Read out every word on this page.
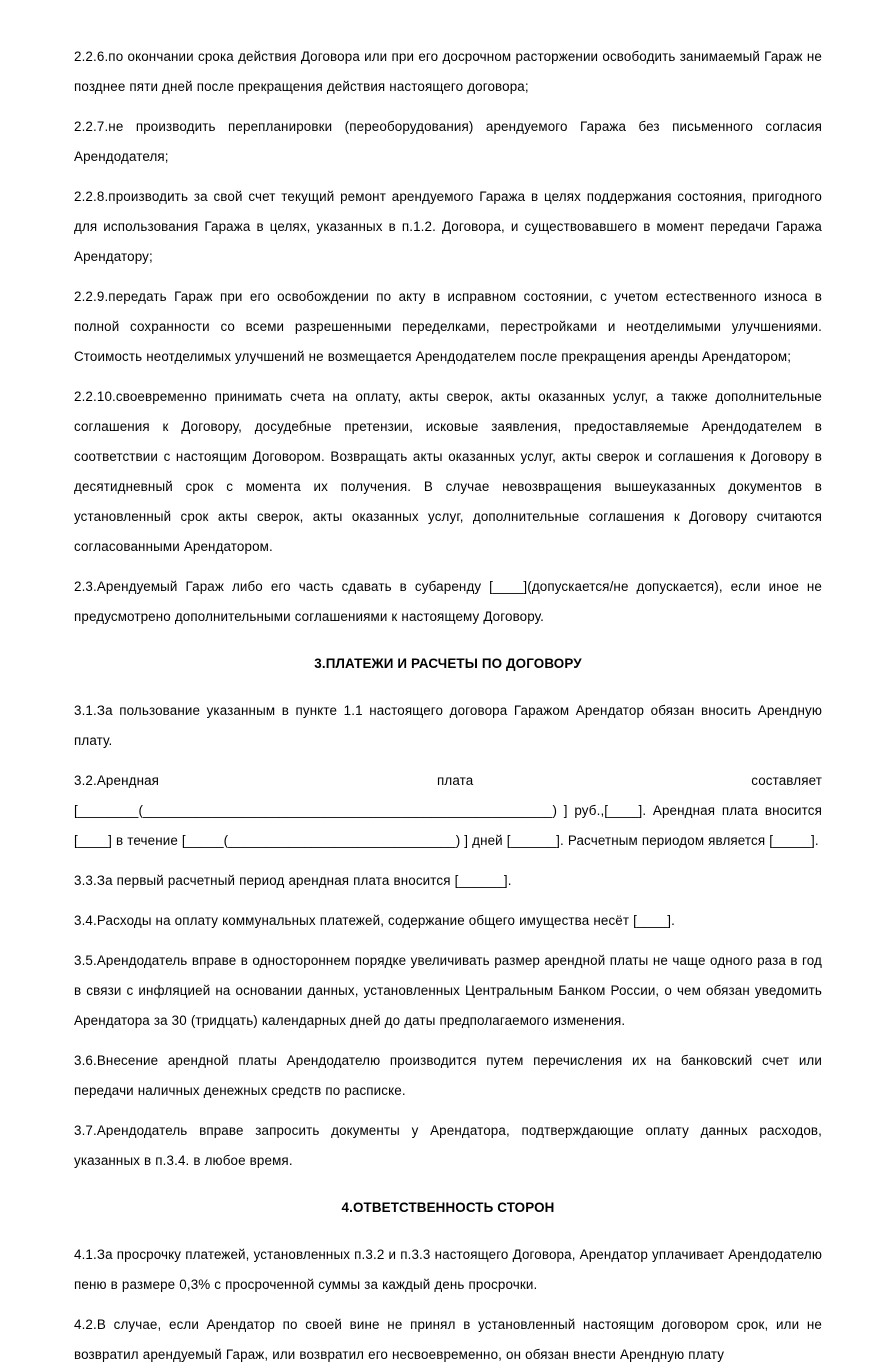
2.2.6.по окончании срока действия Договора или при его досрочном расторжении освободить занимаемый Гараж не позднее пяти дней после прекращения действия настоящего договора;

2.2.7.не производить перепланировки (переоборудования) арендуемого Гаража без письменного согласия Арендодателя;

2.2.8.производить за свой счет текущий ремонт арендуемого Гаража в целях поддержания состояния, пригодного для использования Гаража в целях, указанных в п.1.2. Договора, и существовавшего в момент передачи Гаража Арендатору;

2.2.9.передать Гараж при его освобождении по акту в исправном состоянии, с учетом естественного износа в полной сохранности со всеми разрешенными переделками, перестройками и неотделимыми улучшениями. Стоимость неотделимых улучшений не возмещается Арендодателем после прекращения аренды Арендатором;

2.2.10.своевременно принимать счета на оплату, акты сверок, акты оказанных услуг, а также дополнительные соглашения к Договору, досудебные претензии, исковые заявления, предоставляемые Арендодателем в соответствии с настоящим Договором. Возвращать акты оказанных услуг, акты сверок и соглашения к Договору в десятидневный срок с момента их получения. В случае невозвращения вышеуказанных документов в установленный срок акты сверок, акты оказанных услуг, дополнительные соглашения к Договору считаются согласованными Арендатором.

2.3.Арендуемый Гараж либо его часть сдавать в субаренду [____](допускается/не допускается), если иное не предусмотрено дополнительными соглашениями к настоящему Договору.

3.ПЛАТЕЖИ И РАСЧЕТЫ ПО ДОГОВОРУ

3.1.За пользование указанным в пункте 1.1 настоящего договора Гаражом Арендатор обязан вносить Арендную плату.

3.2.Арендная плата составляет

[________(______________________________________________________) ] руб.,[____]. Арендная плата вносится [____] в течение [_____(______________________________) ] дней [______]. Расчетным периодом является [_____].

3.3.За первый расчетный период арендная плата вносится [______].

3.4.Расходы на оплату коммунальных платежей, содержание общего имущества несёт [____].

3.5.Арендодатель вправе в одностороннем порядке увеличивать размер арендной платы не чаще одного раза в год в связи с инфляцией на основании данных, установленных Центральным Банком России, о чем обязан уведомить Арендатора за 30 (тридцать) календарных дней до даты предполагаемого изменения.

3.6.Внесение арендной платы Арендодателю производится путем перечисления их на банковский счет или передачи наличных денежных средств по расписке.

3.7.Арендодатель вправе запросить документы у Арендатора, подтверждающие оплату данных расходов, указанных в п.3.4. в любое время.

4.ОТВЕТСТВЕННОСТЬ СТОРОН

4.1.За просрочку платежей, установленных п.3.2 и п.3.3 настоящего Договора, Арендатор уплачивает Арендодателю пеню в размере 0,3% с просроченной суммы за каждый день просрочки.

4.2.В случае, если Арендатор по своей вине не принял в установленный настоящим договором срок, или не возвратил арендуемый Гараж, или возвратил его несвоевременно, он обязан внести Арендную плату
